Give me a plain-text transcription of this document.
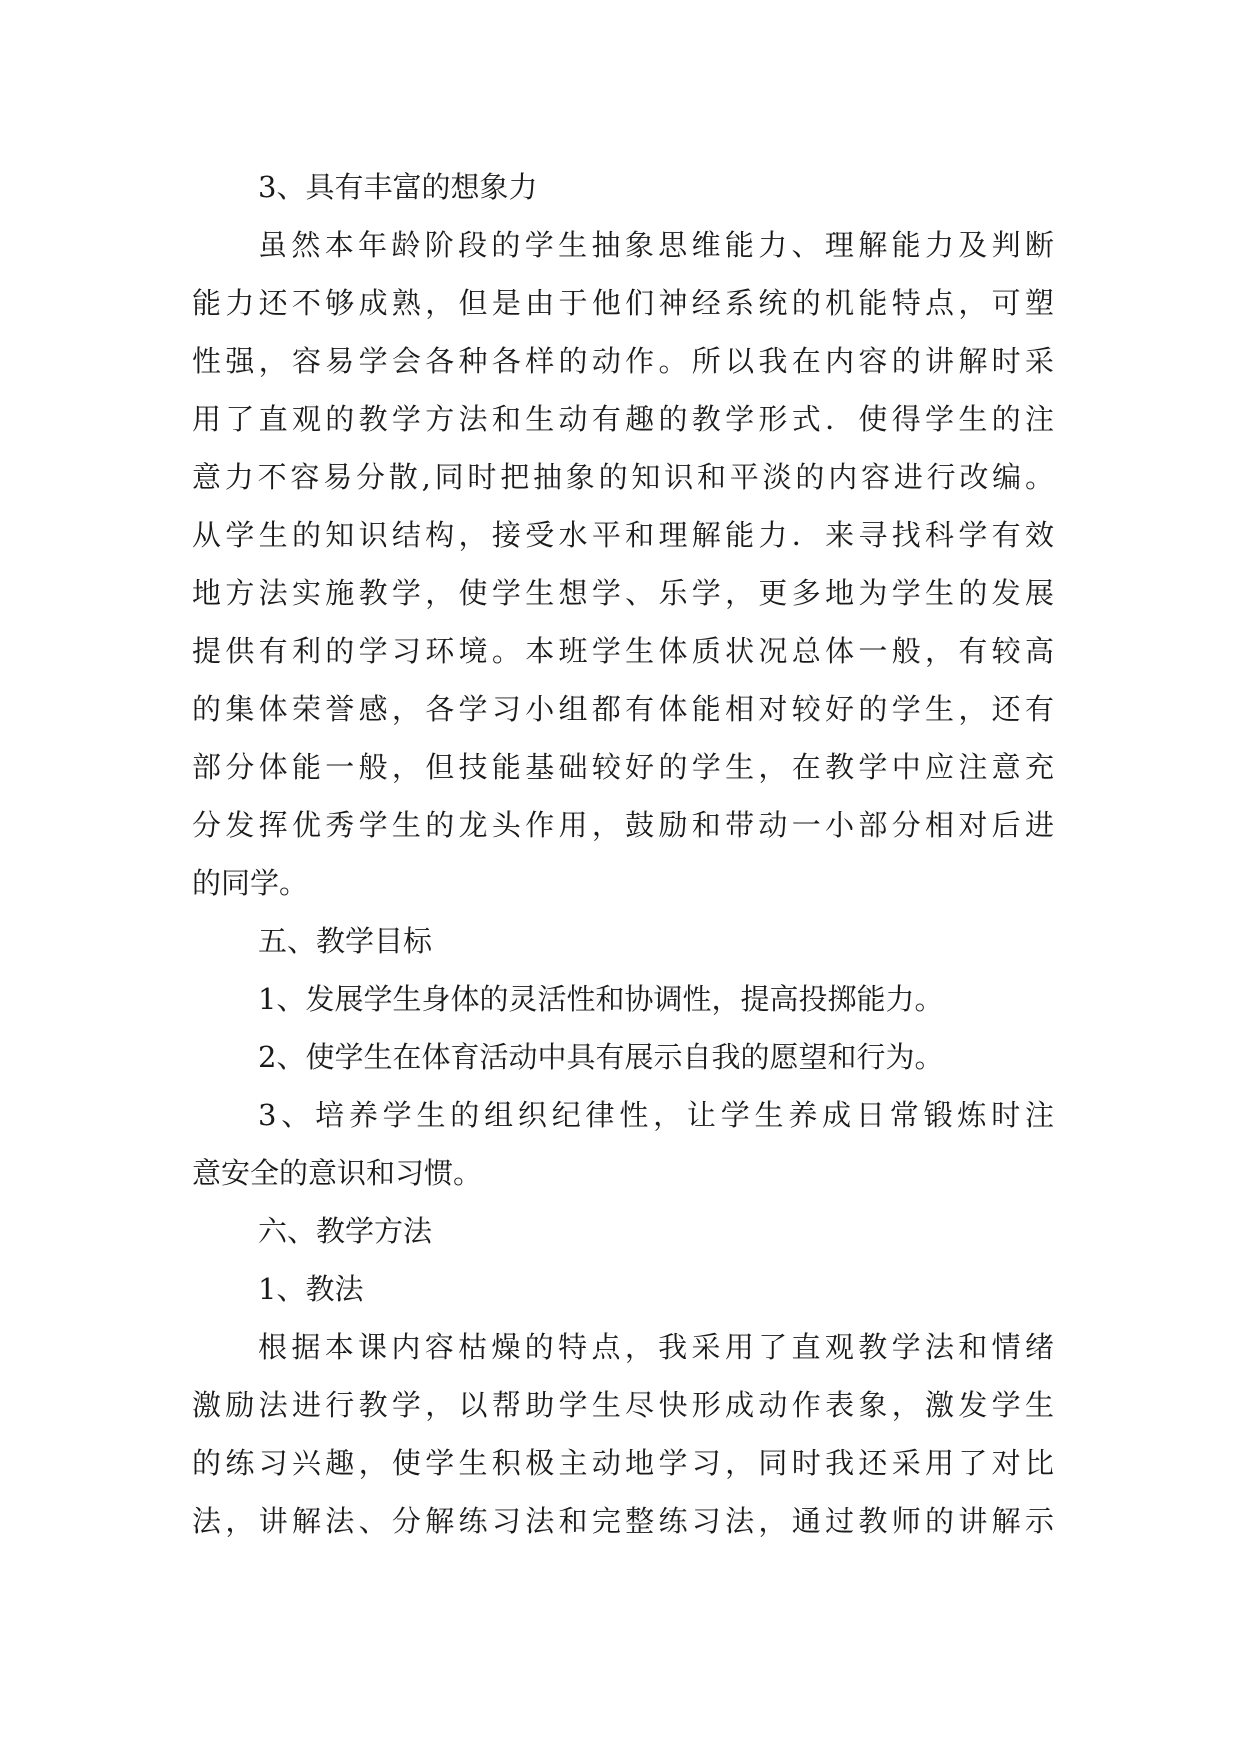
3、具有丰富的想象力
虽然本年龄阶段的学生抽象思维能力、理解能力及判断
能力还不够成熟，但是由于他们神经系统的机能特点，可塑
性强，容易学会各种各样的动作。所以我在内容的讲解时采
用了直观的教学方法和生动有趣的教学形式．使得学生的注
意力不容易分散,同时把抽象的知识和平淡的内容进行改编。
从学生的知识结构，接受水平和理解能力．来寻找科学有效
地方法实施教学，使学生想学、乐学，更多地为学生的发展
提供有利的学习环境。本班学生体质状况总体一般，有较高
的集体荣誉感，各学习小组都有体能相对较好的学生，还有
部分体能一般，但技能基础较好的学生，在教学中应注意充
分发挥优秀学生的龙头作用，鼓励和带动一小部分相对后进
的同学。
五、教学目标
1、发展学生身体的灵活性和协调性，提高投掷能力。
2、使学生在体育活动中具有展示自我的愿望和行为。
3、培养学生的组织纪律性，让学生养成日常锻炼时注
意安全的意识和习惯。
六、教学方法
1、教法
根据本课内容枯燥的特点，我采用了直观教学法和情绪
激励法进行教学，以帮助学生尽快形成动作表象，激发学生
的练习兴趣，使学生积极主动地学习，同时我还采用了对比
法，讲解法、分解练习法和完整练习法，通过教师的讲解示
